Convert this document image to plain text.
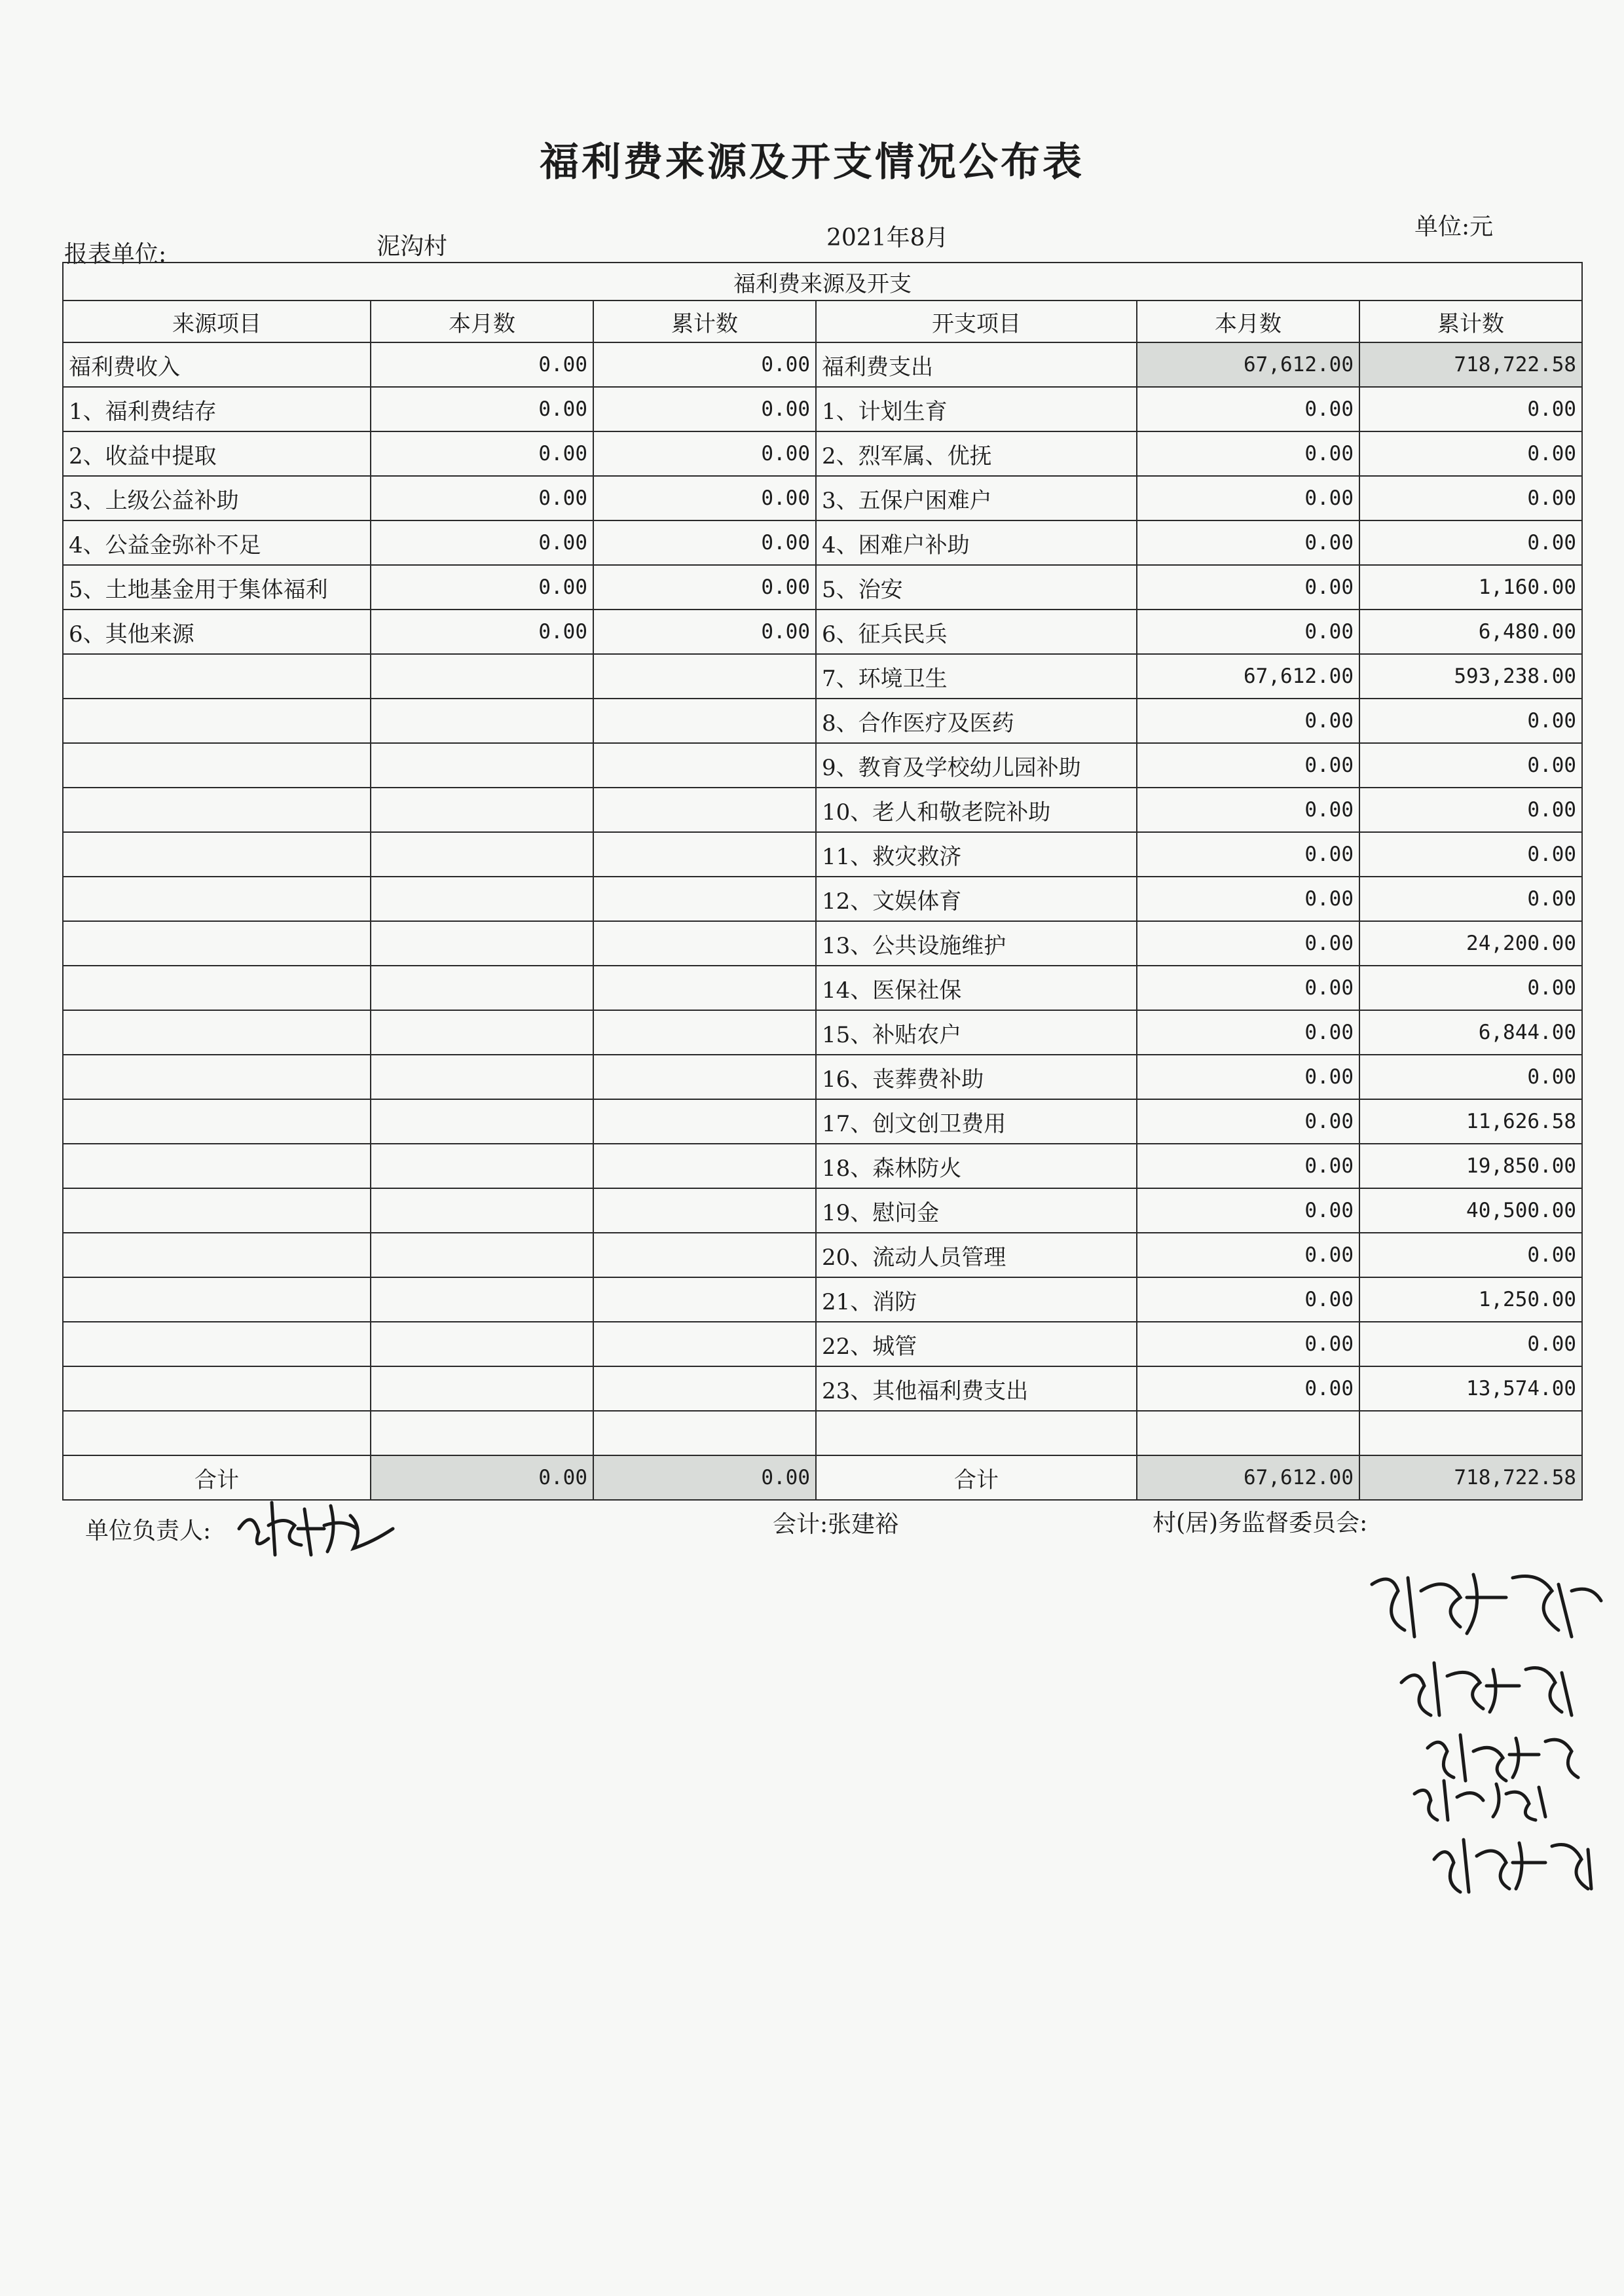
福利费来源及开支情况公布表
报表单位:	泥沟村	2021年8月	单位:元
福利费来源及开支					
来源项目	本月数	累计数	开支项目	本月数	累计数
福利费收入	0.00	0.00	福利费支出	67,612.00	718,722.58
1、福利费结存	0.00	0.00	1、计划生育	0.00	0.00
2、收益中提取	0.00	0.00	2、烈军属、优抚	0.00	0.00
3、上级公益补助	0.00	0.00	3、五保户困难户	0.00	0.00
4、公益金弥补不足	0.00	0.00	4、困难户补助	0.00	0.00
5、土地基金用于集体福利	0.00	0.00	5、治安	0.00	1,160.00
6、其他来源	0.00	0.00	6、征兵民兵	0.00	6,480.00
			7、环境卫生	67,612.00	593,238.00
			8、合作医疗及医药	0.00	0.00
			9、教育及学校幼儿园补助	0.00	0.00
			10、老人和敬老院补助	0.00	0.00
			11、救灾救济	0.00	0.00
			12、文娱体育	0.00	0.00
			13、公共设施维护	0.00	24,200.00
			14、医保社保	0.00	0.00
			15、补贴农户	0.00	6,844.00
			16、丧葬费补助	0.00	0.00
			17、创文创卫费用	0.00	11,626.58
			18、森林防火	0.00	19,850.00
			19、慰问金	0.00	40,500.00
			20、流动人员管理	0.00	0.00
			21、消防	0.00	1,250.00
			22、城管	0.00	0.00
			23、其他福利费支出	0.00	13,574.00

合计	0.00	0.00	合计	67,612.00	718,722.58
单位负责人:	会计:张建裕	村(居)务监督委员会:
